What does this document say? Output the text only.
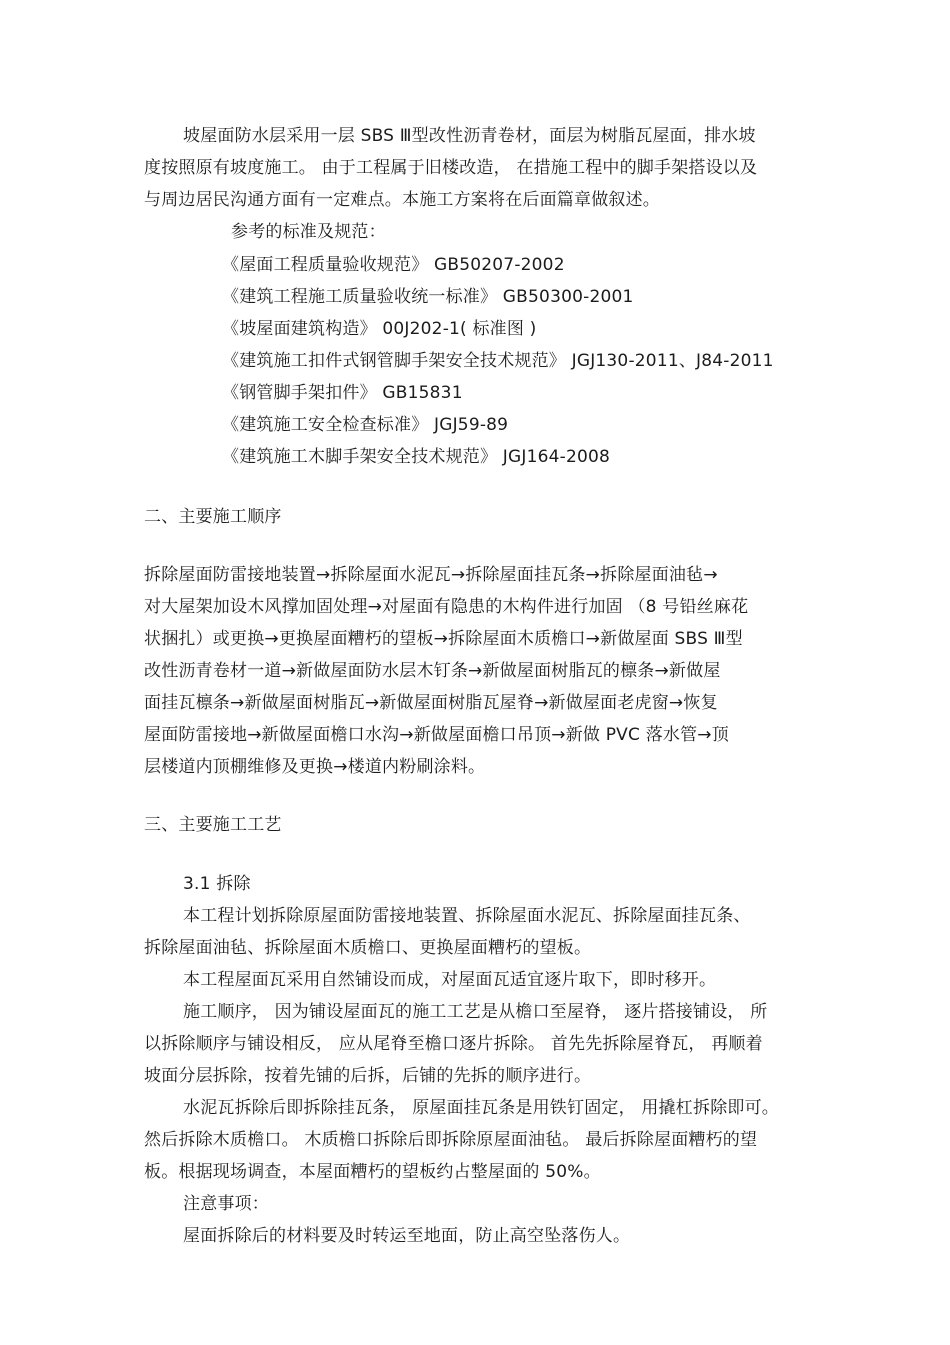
坡屋面防水层采用一层 SBS Ⅲ型改性沥青卷材，面层为树脂瓦屋面，排水坡
度按照原有坡度施工。 由于工程属于旧楼改造， 在措施工程中的脚手架搭设以及
与周边居民沟通方面有一定难点。本施工方案将在后面篇章做叙述。
参考的标准及规范：
《屋面工程质量验收规范》 GB50207-2002
《建筑工程施工质量验收统一标准》 GB50300-2001
《坡屋面建筑构造》 00J202-1( 标准图 )
《建筑施工扣件式钢管脚手架安全技术规范》 JGJ130-2011、J84-2011
《钢管脚手架扣件》 GB15831
《建筑施工安全检查标准》 JGJ59-89
《建筑施工木脚手架安全技术规范》 JGJ164-2008
二、主要施工顺序
拆除屋面防雷接地装置→拆除屋面水泥瓦→拆除屋面挂瓦条→拆除屋面油毡→
对大屋架加设木风撑加固处理→对屋面有隐患的木构件进行加固 （8 号铅丝麻花
状捆扎）或更换→更换屋面糟朽的望板→拆除屋面木质檐口→新做屋面 SBS Ⅲ型
改性沥青卷材一道→新做屋面防水层木钉条→新做屋面树脂瓦的檩条→新做屋
面挂瓦檩条→新做屋面树脂瓦→新做屋面树脂瓦屋脊→新做屋面老虎窗→恢复
屋面防雷接地→新做屋面檐口水沟→新做屋面檐口吊顶→新做 PVC 落水管→顶
层楼道内顶棚维修及更换→楼道内粉刷涂料。
三、主要施工工艺
3.1 拆除
本工程计划拆除原屋面防雷接地装置、拆除屋面水泥瓦、拆除屋面挂瓦条、
拆除屋面油毡、拆除屋面木质檐口、更换屋面糟朽的望板。
本工程屋面瓦采用自然铺设而成，对屋面瓦适宜逐片取下，即时移开。
施工顺序， 因为铺设屋面瓦的施工工艺是从檐口至屋脊， 逐片搭接铺设， 所
以拆除顺序与铺设相反， 应从尾脊至檐口逐片拆除。 首先先拆除屋脊瓦， 再顺着
坡面分层拆除，按着先铺的后拆，后铺的先拆的顺序进行。
水泥瓦拆除后即拆除挂瓦条， 原屋面挂瓦条是用铁钉固定， 用撬杠拆除即可。
然后拆除木质檐口。 木质檐口拆除后即拆除原屋面油毡。 最后拆除屋面糟朽的望
板。根据现场调查，本屋面糟朽的望板约占整屋面的 50%。
注意事项：
屋面拆除后的材料要及时转运至地面，防止高空坠落伤人。
